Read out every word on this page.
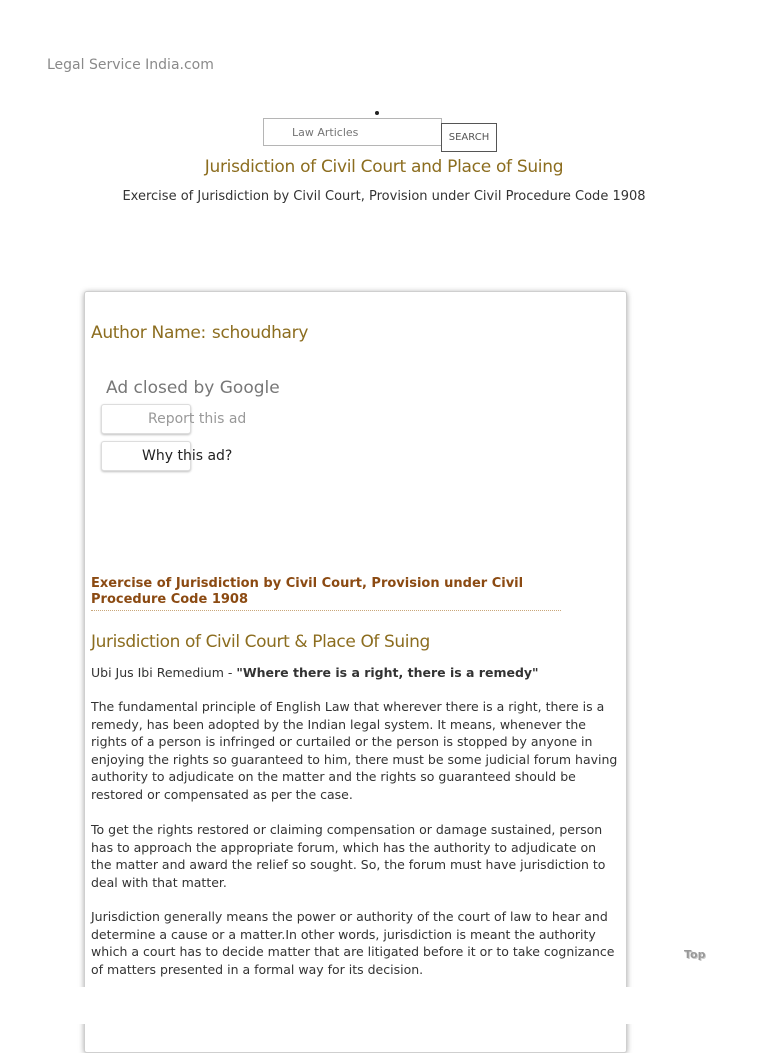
Legal Service India.com
Law Articles
SEARCH
Jurisdiction of Civil Court and Place of Suing
Exercise of Jurisdiction by Civil Court, Provision under Civil Procedure Code 1908
Author Name: schoudhary
Ad closed by Google
Report this ad
Why this ad?
Exercise of Jurisdiction by Civil Court, Provision under Civil Procedure Code 1908
Jurisdiction of Civil Court & Place Of Suing
Ubi Jus Ibi Remedium - "Where there is a right, there is a remedy"
The fundamental principle of English Law that wherever there is a right, there is a remedy, has been adopted by the Indian legal system. It means, whenever the rights of a person is infringed or curtailed or the person is stopped by anyone in enjoying the rights so guaranteed to him, there must be some judicial forum having authority to adjudicate on the matter and the rights so guaranteed should be restored or compensated as per the case.
To get the rights restored or claiming compensation or damage sustained, person has to approach the appropriate forum, which has the authority to adjudicate on the matter and award the relief so sought. So, the forum must have jurisdiction to deal with that matter.
Jurisdiction generally means the power or authority of the court of law to hear and determine a cause or a matter.In other words, jurisdiction is meant the authority which a court has to decide matter that are litigated before it or to take cognizance of matters presented in a formal way for its decision.
Top
